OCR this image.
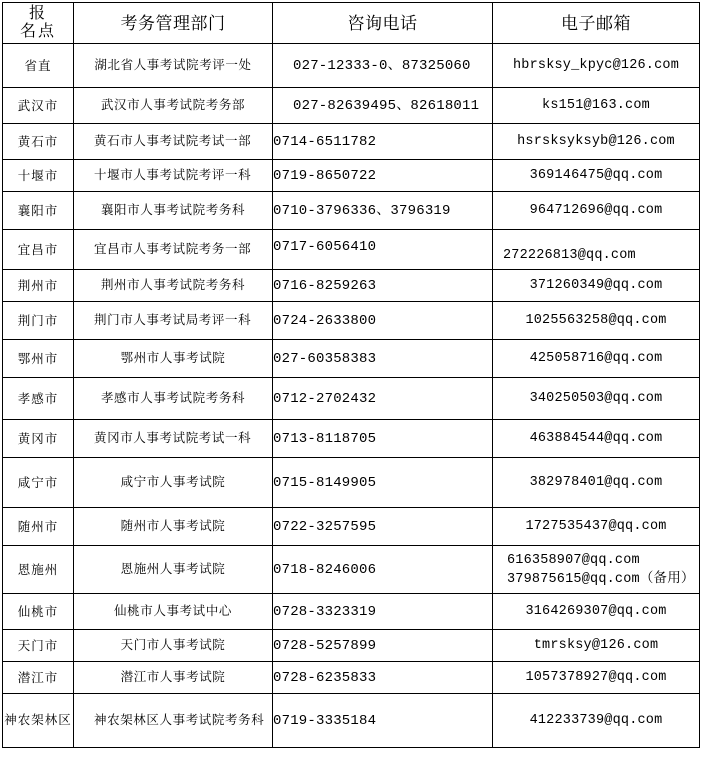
报
名点	考务管理部门	咨询电话	电子邮箱
省直	湖北省人事考试院考评一处	027-12333-0、87325060	hbrsksy_kpyc@126.com
武汉市	武汉市人事考试院考务部	027-82639495、82618011	ks151@163.com
黄石市	黄石市人事考试院考试一部	0714-6511782	hsrsksyksyb@126.com
十堰市	十堰市人事考试院考评一科	0719-8650722	369146475@qq.com
襄阳市	襄阳市人事考试院考务科	0710-3796336、3796319	964712696@qq.com
宜昌市	宜昌市人事考试院考务一部	0717-6056410	272226813@qq.com
荆州市	荆州市人事考试院考务科	0716-8259263	371260349@qq.com
荆门市	荆门市人事考试局考评一科	0724-2633800	1025563258@qq.com
鄂州市	鄂州市人事考试院	027-60358383	425058716@qq.com
孝感市	孝感市人事考试院考务科	0712-2702432	340250503@qq.com
黄冈市	黄冈市人事考试院考试一科	0713-8118705	463884544@qq.com
咸宁市	咸宁市人事考试院	0715-8149905	382978401@qq.com
随州市	随州市人事考试院	0722-3257595	1727535437@qq.com
恩施州	恩施州人事考试院	0718-8246006	616358907@qq.com
379875615@qq.com（备用）
仙桃市	仙桃市人事考试中心	0728-3323319	3164269307@qq.com
天门市	天门市人事考试院	0728-5257899	tmrsksy@126.com
潜江市	潜江市人事考试院	0728-6235833	1057378927@qq.com
神农架林区	神农架林区人事考试院考务科	0719-3335184	412233739@qq.com
